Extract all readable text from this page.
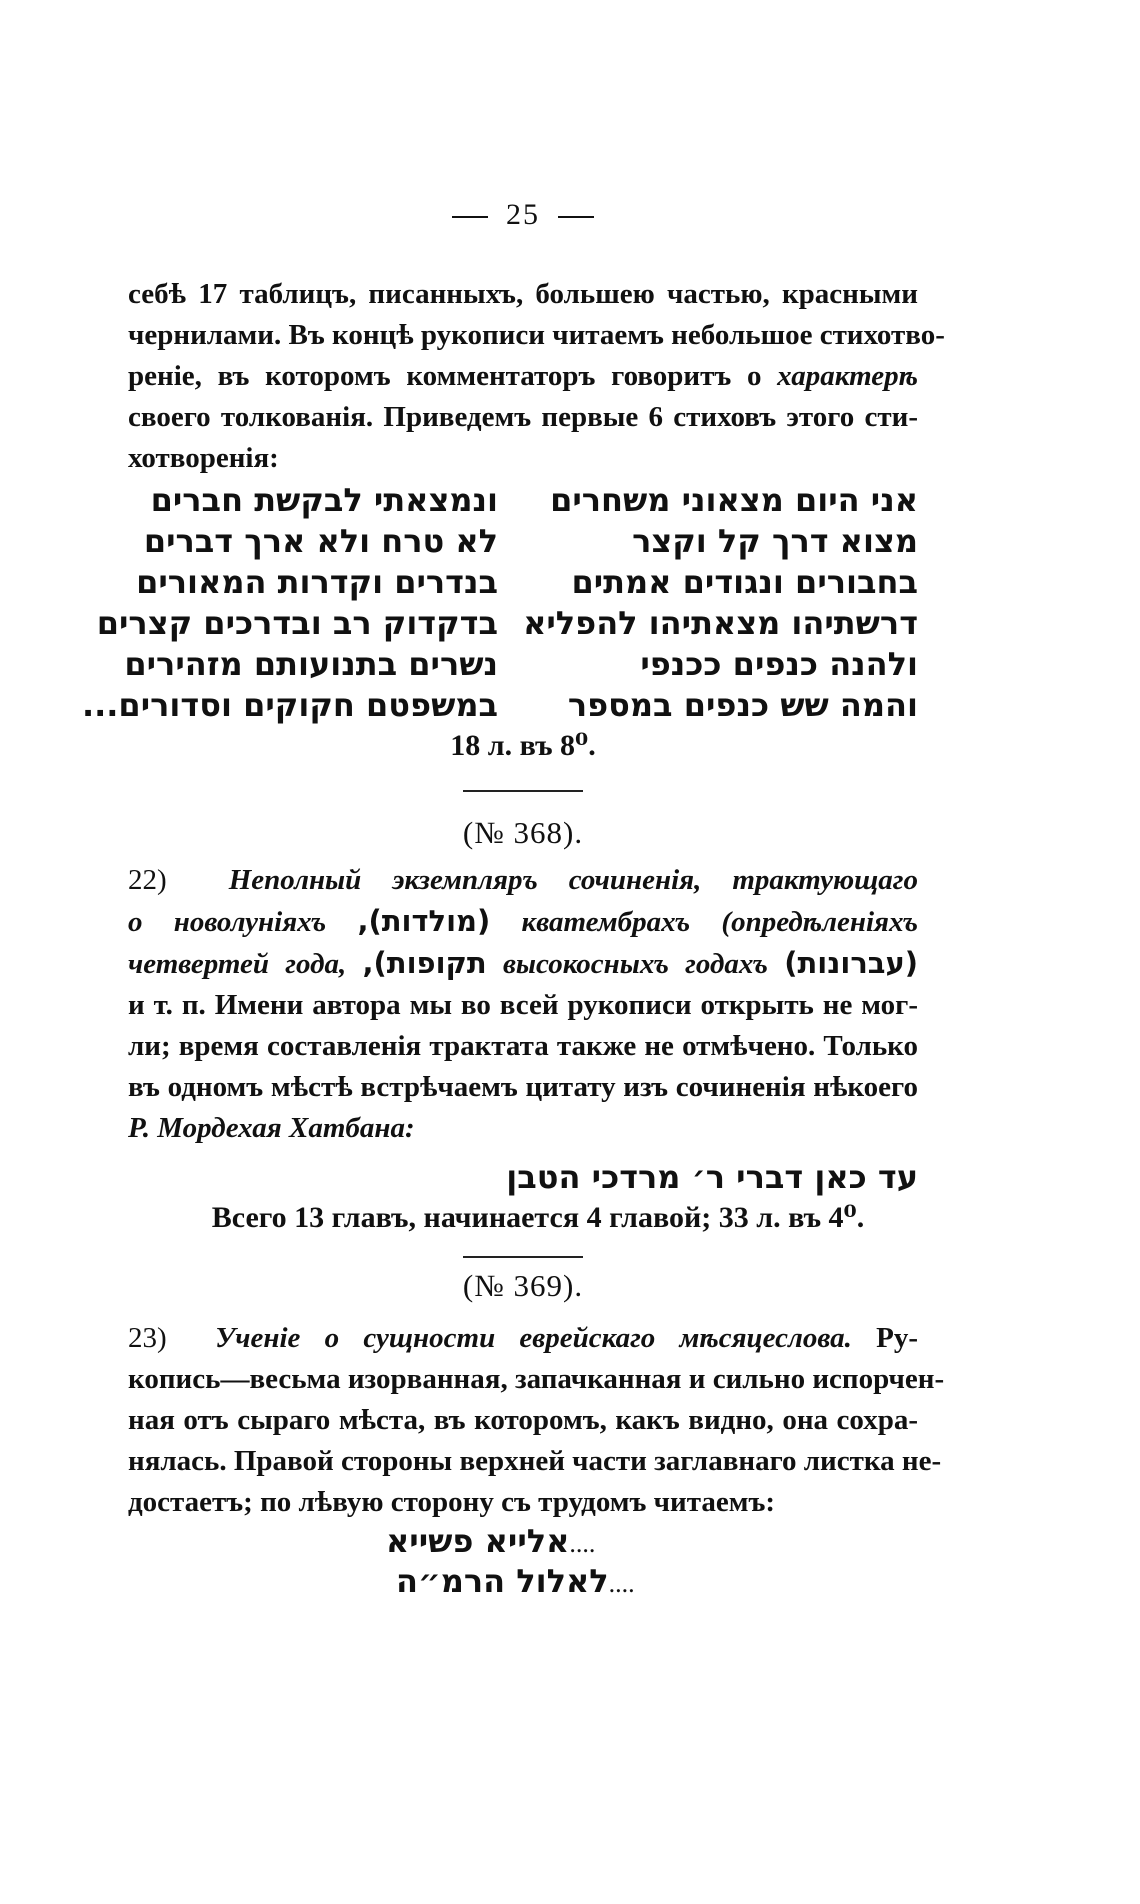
25
себѣ 17 таблицъ, писанныхъ, большею частью, красными
чернилами. Въ концѣ рукописи читаемъ небольшое стихотво-
реніе, въ которомъ комментаторъ говоритъ о характерѣ
своего толкованія. Приведемъ первые 6 стиховъ этого сти-
хотворенія:
אני היום מצאוני משחרים
ונמצאתי לבקשת חברים
מצוא דרך קל וקצר
לא טרח ולא ארך דברים
בחבורים ונגודים אמתים
בנדרים וקדרות המאורים
דרשתיהו מצאתיהו להפליא
בדקדוק רב ובדרכים קצרים
ולהנה כנפים ככנפי
נשרים בתנועותם מזהירים
והמה שש כנפים במספר
במשפטם חקוקים וסדורים...
18 л. въ 8⁰.
(№ 368).
22) Неполный экземпляръ сочиненія, трактующаго
о новолуніяхъ (מולדות), кватембрахъ (опредѣленіяхъ
четвертей года, תקופות), высокосныхъ годахъ (עברונות)
и т. п. Имени автора мы во всей рукописи открыть не мог-
ли; время составленія трактата также не отмѣчено. Только
въ одномъ мѣстѣ встрѣчаемъ цитату изъ сочиненія нѣкоего
Р. Мордехая Хатбана:
עד כאן דברי ר׳ מרדכי הטבן
Всего 13 главъ, начинается 4 главой; 33 л. въ 4⁰.
(№ 369).
23) Ученіе о сущности еврейскаго мѣсяцеслова. Ру-
копись—весьма изорванная, запачканная и сильно испорчен-
ная отъ сыраго мѣста, въ которомъ, какъ видно, она сохра-
нялась. Правой стороны верхней части заглавнаго листка не-
достаетъ; по лѣвую сторону съ трудомъ читаемъ:
אלייא פשייא....
לאלול הרמ״ה....
